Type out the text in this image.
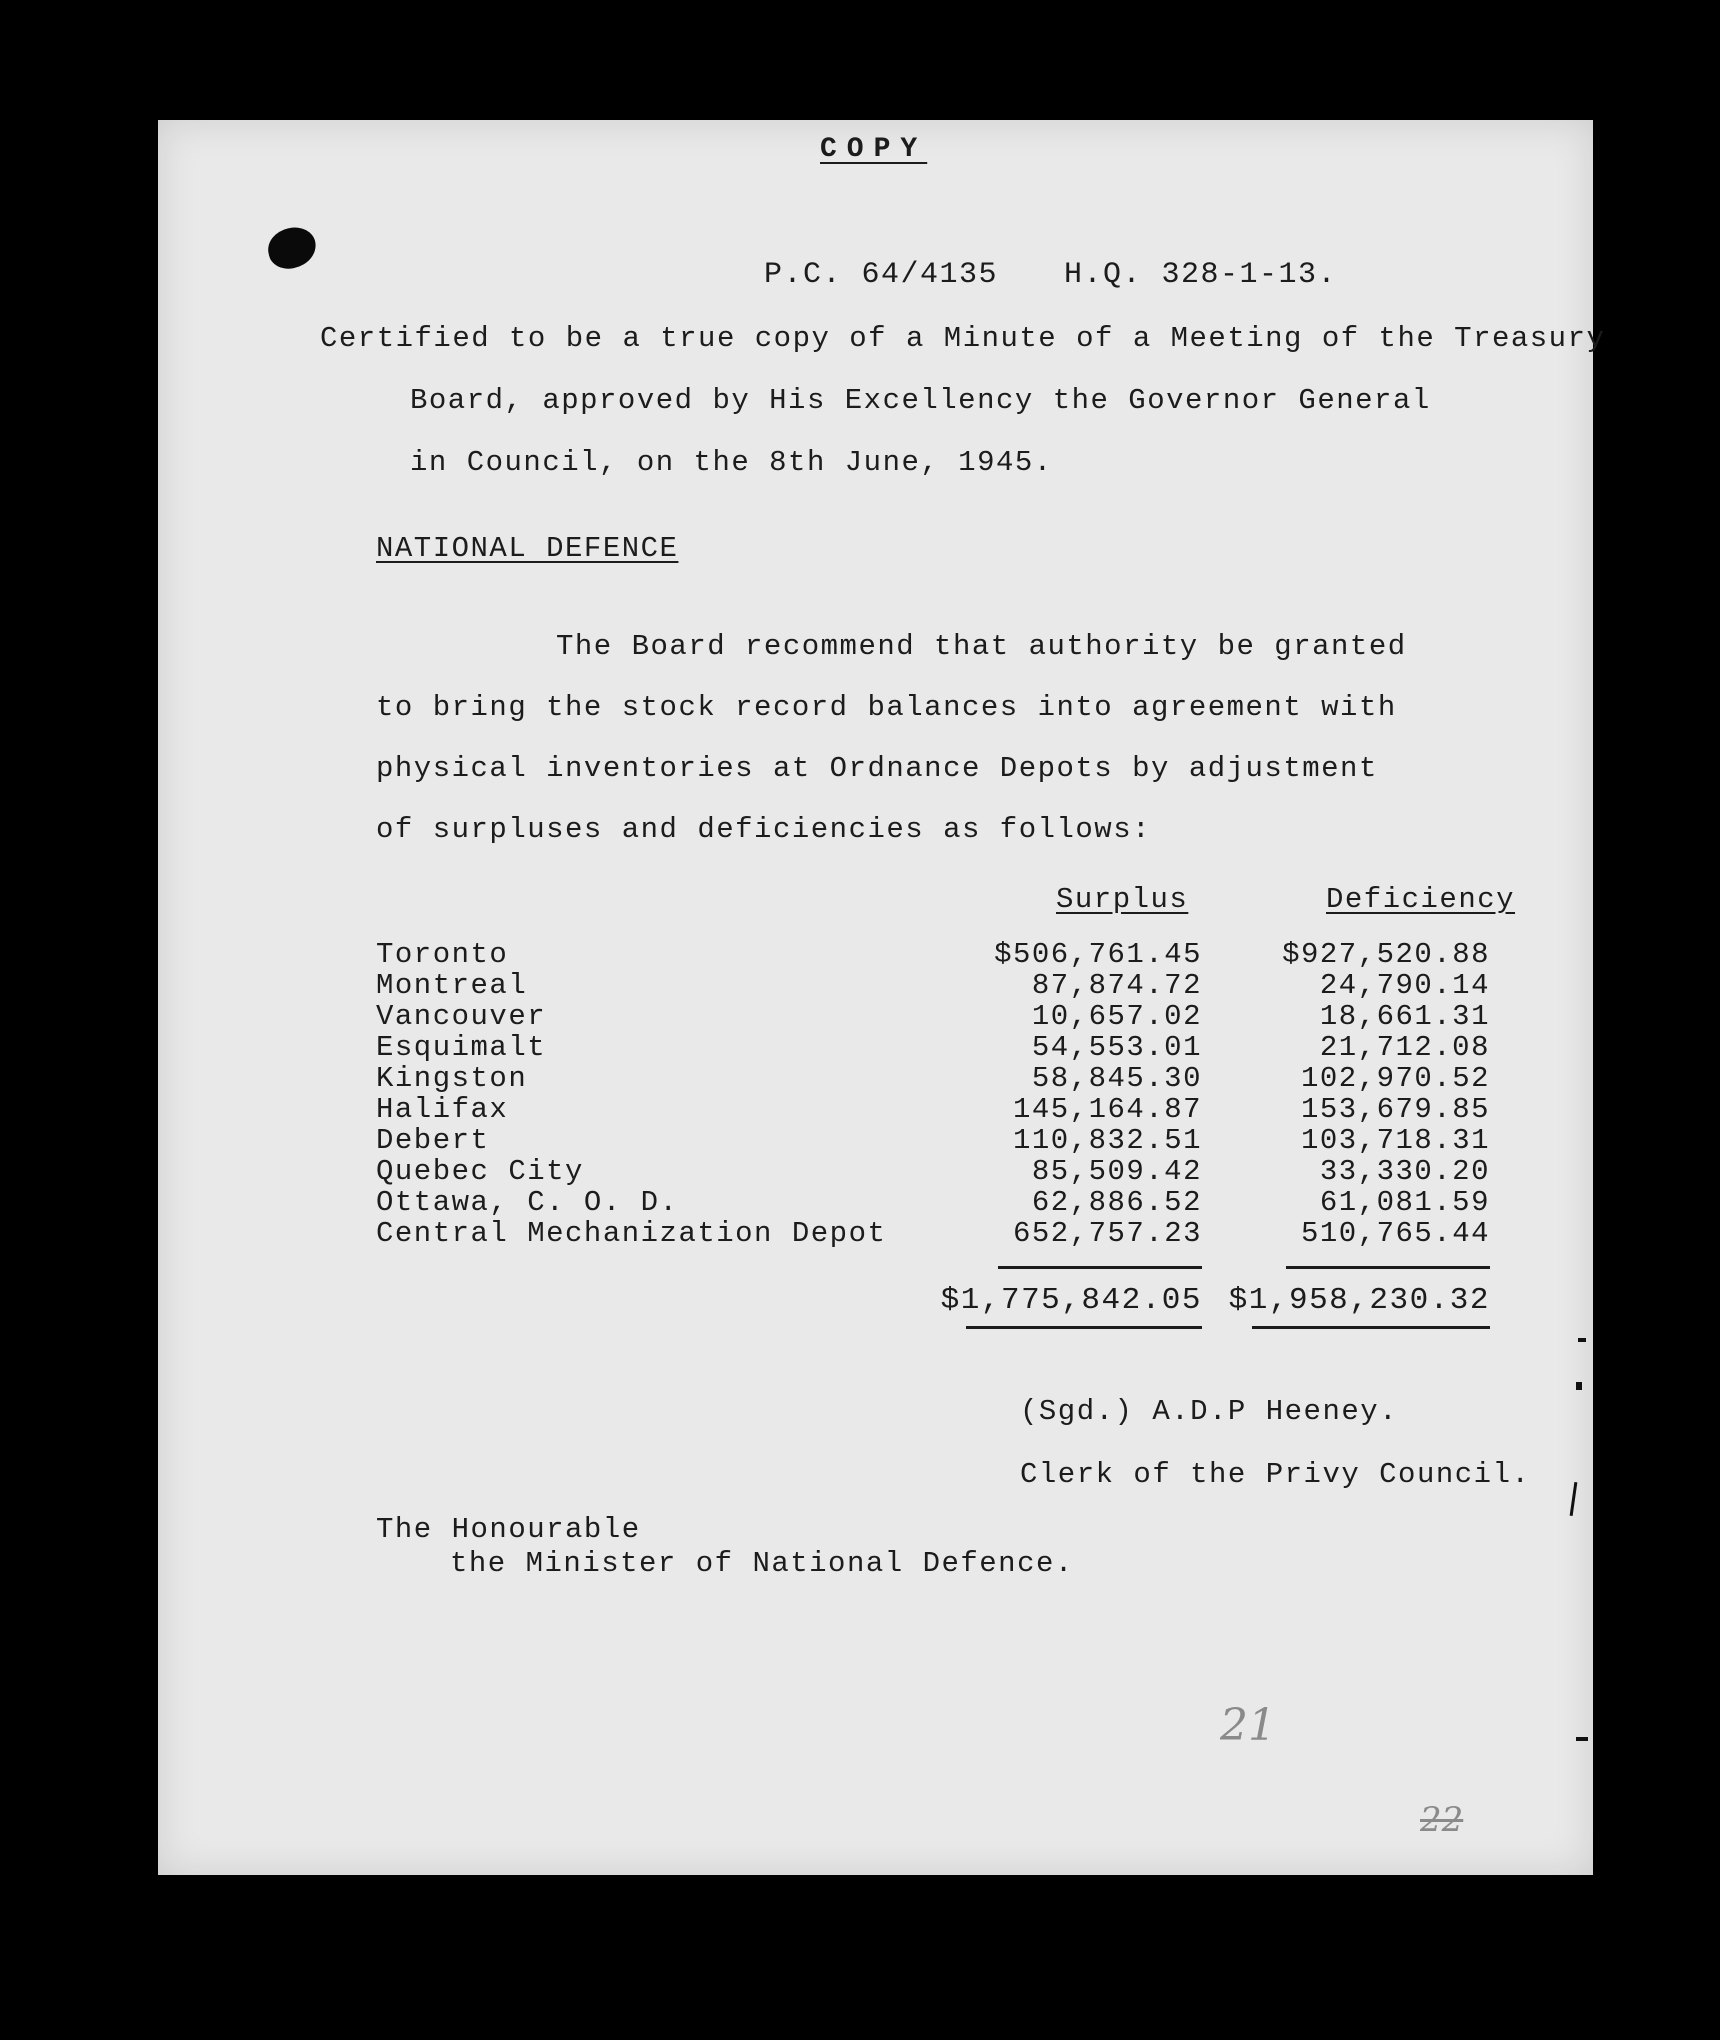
COPY
P.C. 64/4135 H.Q. 328-1-13.
Certified to be a true copy of a Minute of a Meeting of the Treasury
Board, approved by His Excellency the Governor General
in Council, on the 8th June, 1945.
NATIONAL DEFENCE
The Board recommend that authority be granted
to bring the stock record balances into agreement with
physical inventories at Ordnance Depots by adjustment
of surpluses and deficiencies as follows:
Surplus	Deficiency
Toronto	$506,761.45	$927,520.88
Montreal	87,874.72	24,790.14
Vancouver	10,657.02	18,661.31
Esquimalt	54,553.01	21,712.08
Kingston	58,845.30	102,970.52
Halifax	145,164.87	153,679.85
Debert	110,832.51	103,718.31
Quebec City	85,509.42	33,330.20
Ottawa, C. O. D.	62,886.52	61,081.59
Central Mechanization Depot	652,757.23	510,765.44
$1,775,842.05 $1,958,230.32
(Sgd.) A.D.P Heeney.
Clerk of the Privy Council.
The Honourable
the Minister of National Defence.
21
22
